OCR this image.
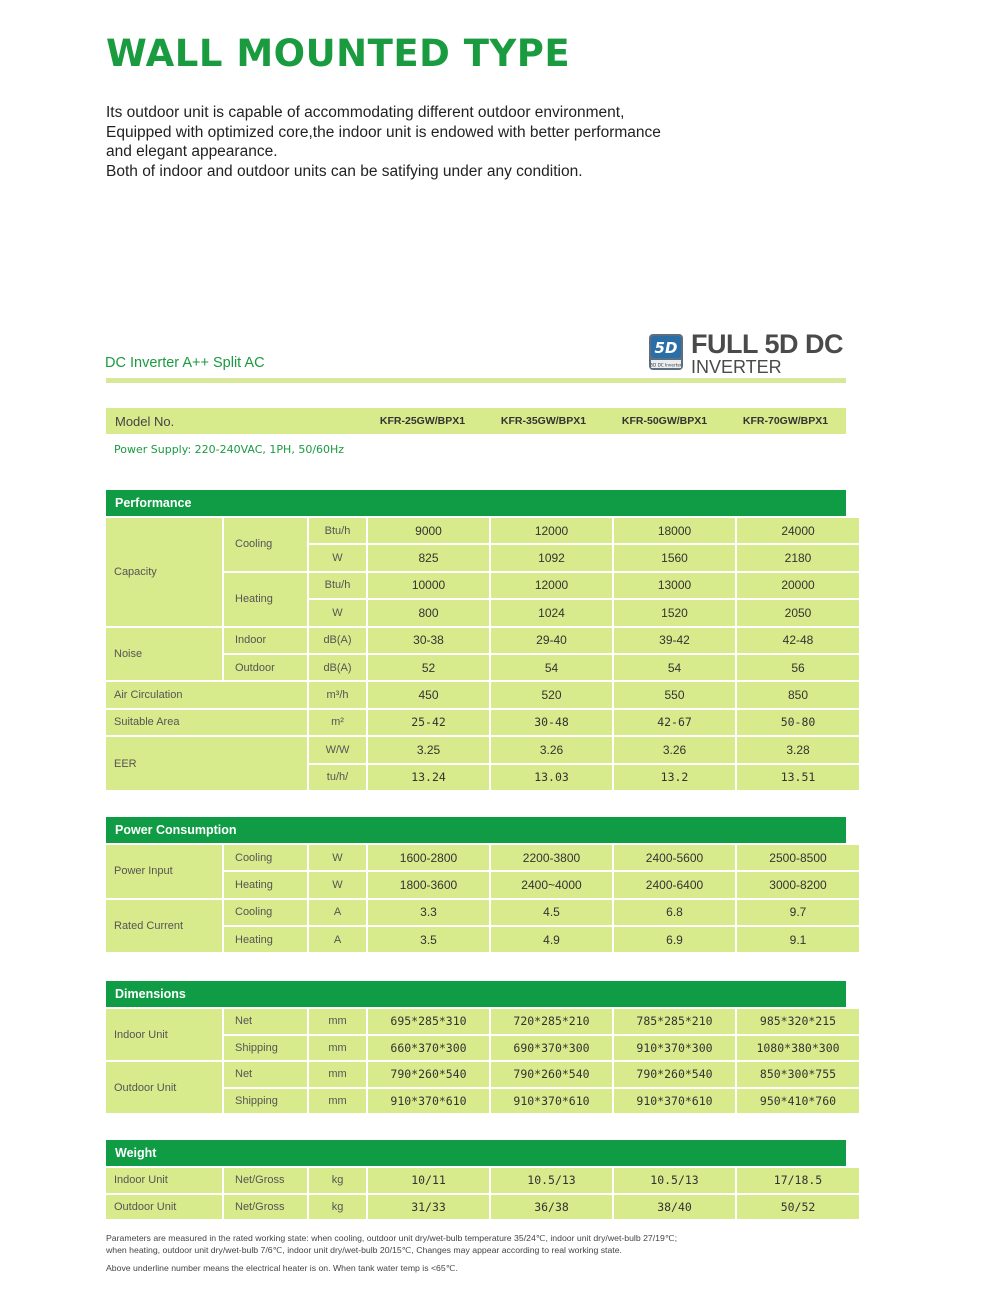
WALL MOUNTED TYPE
Its outdoor unit is capable of accommodating different outdoor environment,
Equipped with optimized core,the indoor unit is endowed with better performance
and elegant appearance.
Both of indoor and outdoor units can be satifying under any condition.
DC Inverter A++ Split AC
5D
5D DC Inverter
FULL 5D DC
INVERTER
Model No.	KFR-25GW/BPX1	KFR-35GW/BPX1	KFR-50GW/BPX1	KFR-70GW/BPX1
Power Supply: 220-240VAC, 1PH, 50/60Hz
Performance
Capacity
Cooling
Btu/h	9000	12000	18000	24000
W	825	1092	1560	2180
Heating
Btu/h	10000	12000	13000	20000
W	800	1024	1520	2050
Noise
Indoor	dB(A)	30-38	29-40	39-42	42-48
Outdoor	dB(A)	52	54	54	56
Air Circulation	m³/h	450	520	550	850
Suitable Area	m²	25-42	30-48	42-67	50-80
EER
W/W	3.25	3.26	3.26	3.28
tu/h/	13.24	13.03	13.2	13.51
Power Consumption
Power Input
Cooling	W	1600-2800	2200-3800	2400-5600	2500-8500
Heating	W	1800-3600	2400~4000	2400-6400	3000-8200
Rated Current
Cooling	A	3.3	4.5	6.8	9.7
Heating	A	3.5	4.9	6.9	9.1
Dimensions
Indoor Unit
Net	mm	695*285*310	720*285*210	785*285*210	985*320*215
Shipping	mm	660*370*300	690*370*300	910*370*300	1080*380*300
Outdoor Unit
Net	mm	790*260*540	790*260*540	790*260*540	850*300*755
Shipping	mm	910*370*610	910*370*610	910*370*610	950*410*760
Weight
Indoor Unit	Net/Gross	kg	10/11	10.5/13	10.5/13	17/18.5
Outdoor Unit	Net/Gross	kg	31/33	36/38	38/40	50/52
Parameters are measured in the rated working state: when cooling, outdoor unit dry/wet-bulb temperature 35/24℃, indoor unit dry/wet-bulb 27/19℃;
when heating, outdoor unit dry/wet-bulb 7/6℃, indoor unit dry/wet-bulb 20/15℃, Changes may appear according to real working state.
Above underline number means the electrical heater is on. When tank water temp is <65℃.
